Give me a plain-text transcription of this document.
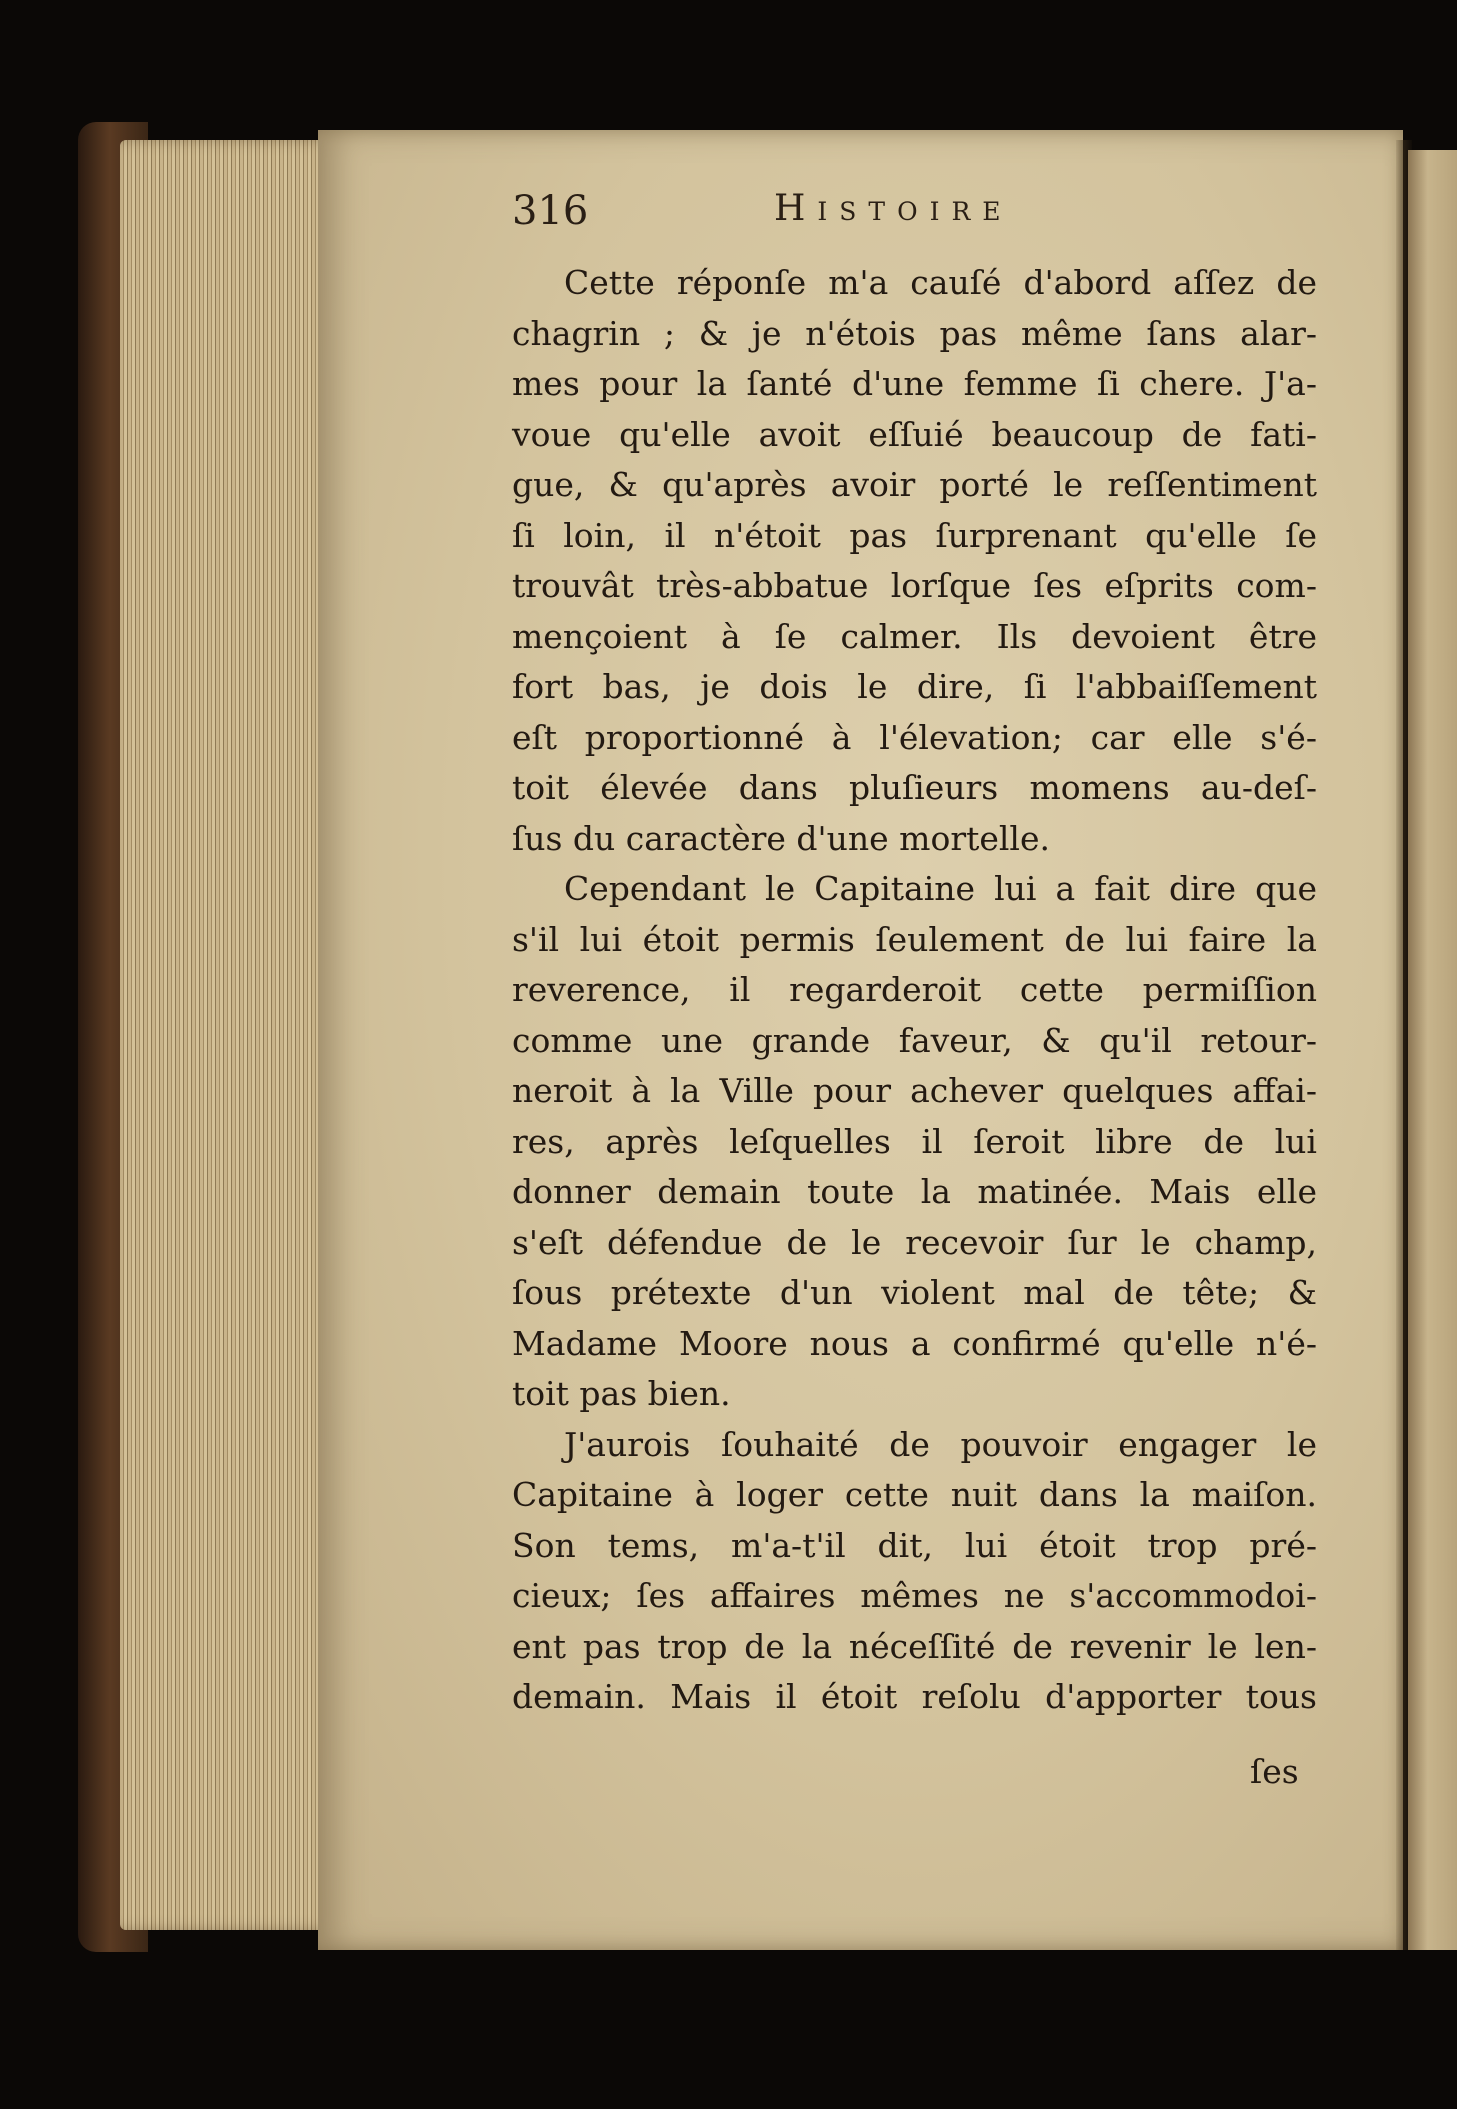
316	Histoire
Cette réponſe m'a cauſé d'abord aſſez de
chagrin ; & je n'étois pas même ſans alar-
mes pour la ſanté d'une femme ſi chere. J'a-
voue qu'elle avoit eſſuié beaucoup de fati-
gue, & qu'après avoir porté le reſſentiment
ſi loin, il n'étoit pas ſurprenant qu'elle ſe
trouvât très-abbatue lorſque ſes eſprits com-
mençoient à ſe calmer. Ils devoient être
fort bas, je dois le dire, ſi l'abbaiſſement
eſt proportionné à l'élevation; car elle s'é-
toit élevée dans pluſieurs momens au-deſ-
ſus du caractère d'une mortelle.
Cependant le Capitaine lui a fait dire que
s'il lui étoit permis ſeulement de lui faire la
reverence, il regarderoit cette permiſſion
comme une grande faveur, & qu'il retour-
neroit à la Ville pour achever quelques affai-
res, après leſquelles il ſeroit libre de lui
donner demain toute la matinée. Mais elle
s'eſt défendue de le recevoir ſur le champ,
ſous prétexte d'un violent mal de tête; &
Madame Moore nous a confirmé qu'elle n'é-
toit pas bien.
J'aurois ſouhaité de pouvoir engager le
Capitaine à loger cette nuit dans la maiſon.
Son tems, m'a-t'il dit, lui étoit trop pré-
cieux; ſes affaires mêmes ne s'accommodoi-
ent pas trop de la néceſſité de revenir le len-
demain. Mais il étoit reſolu d'apporter tous
ſes
